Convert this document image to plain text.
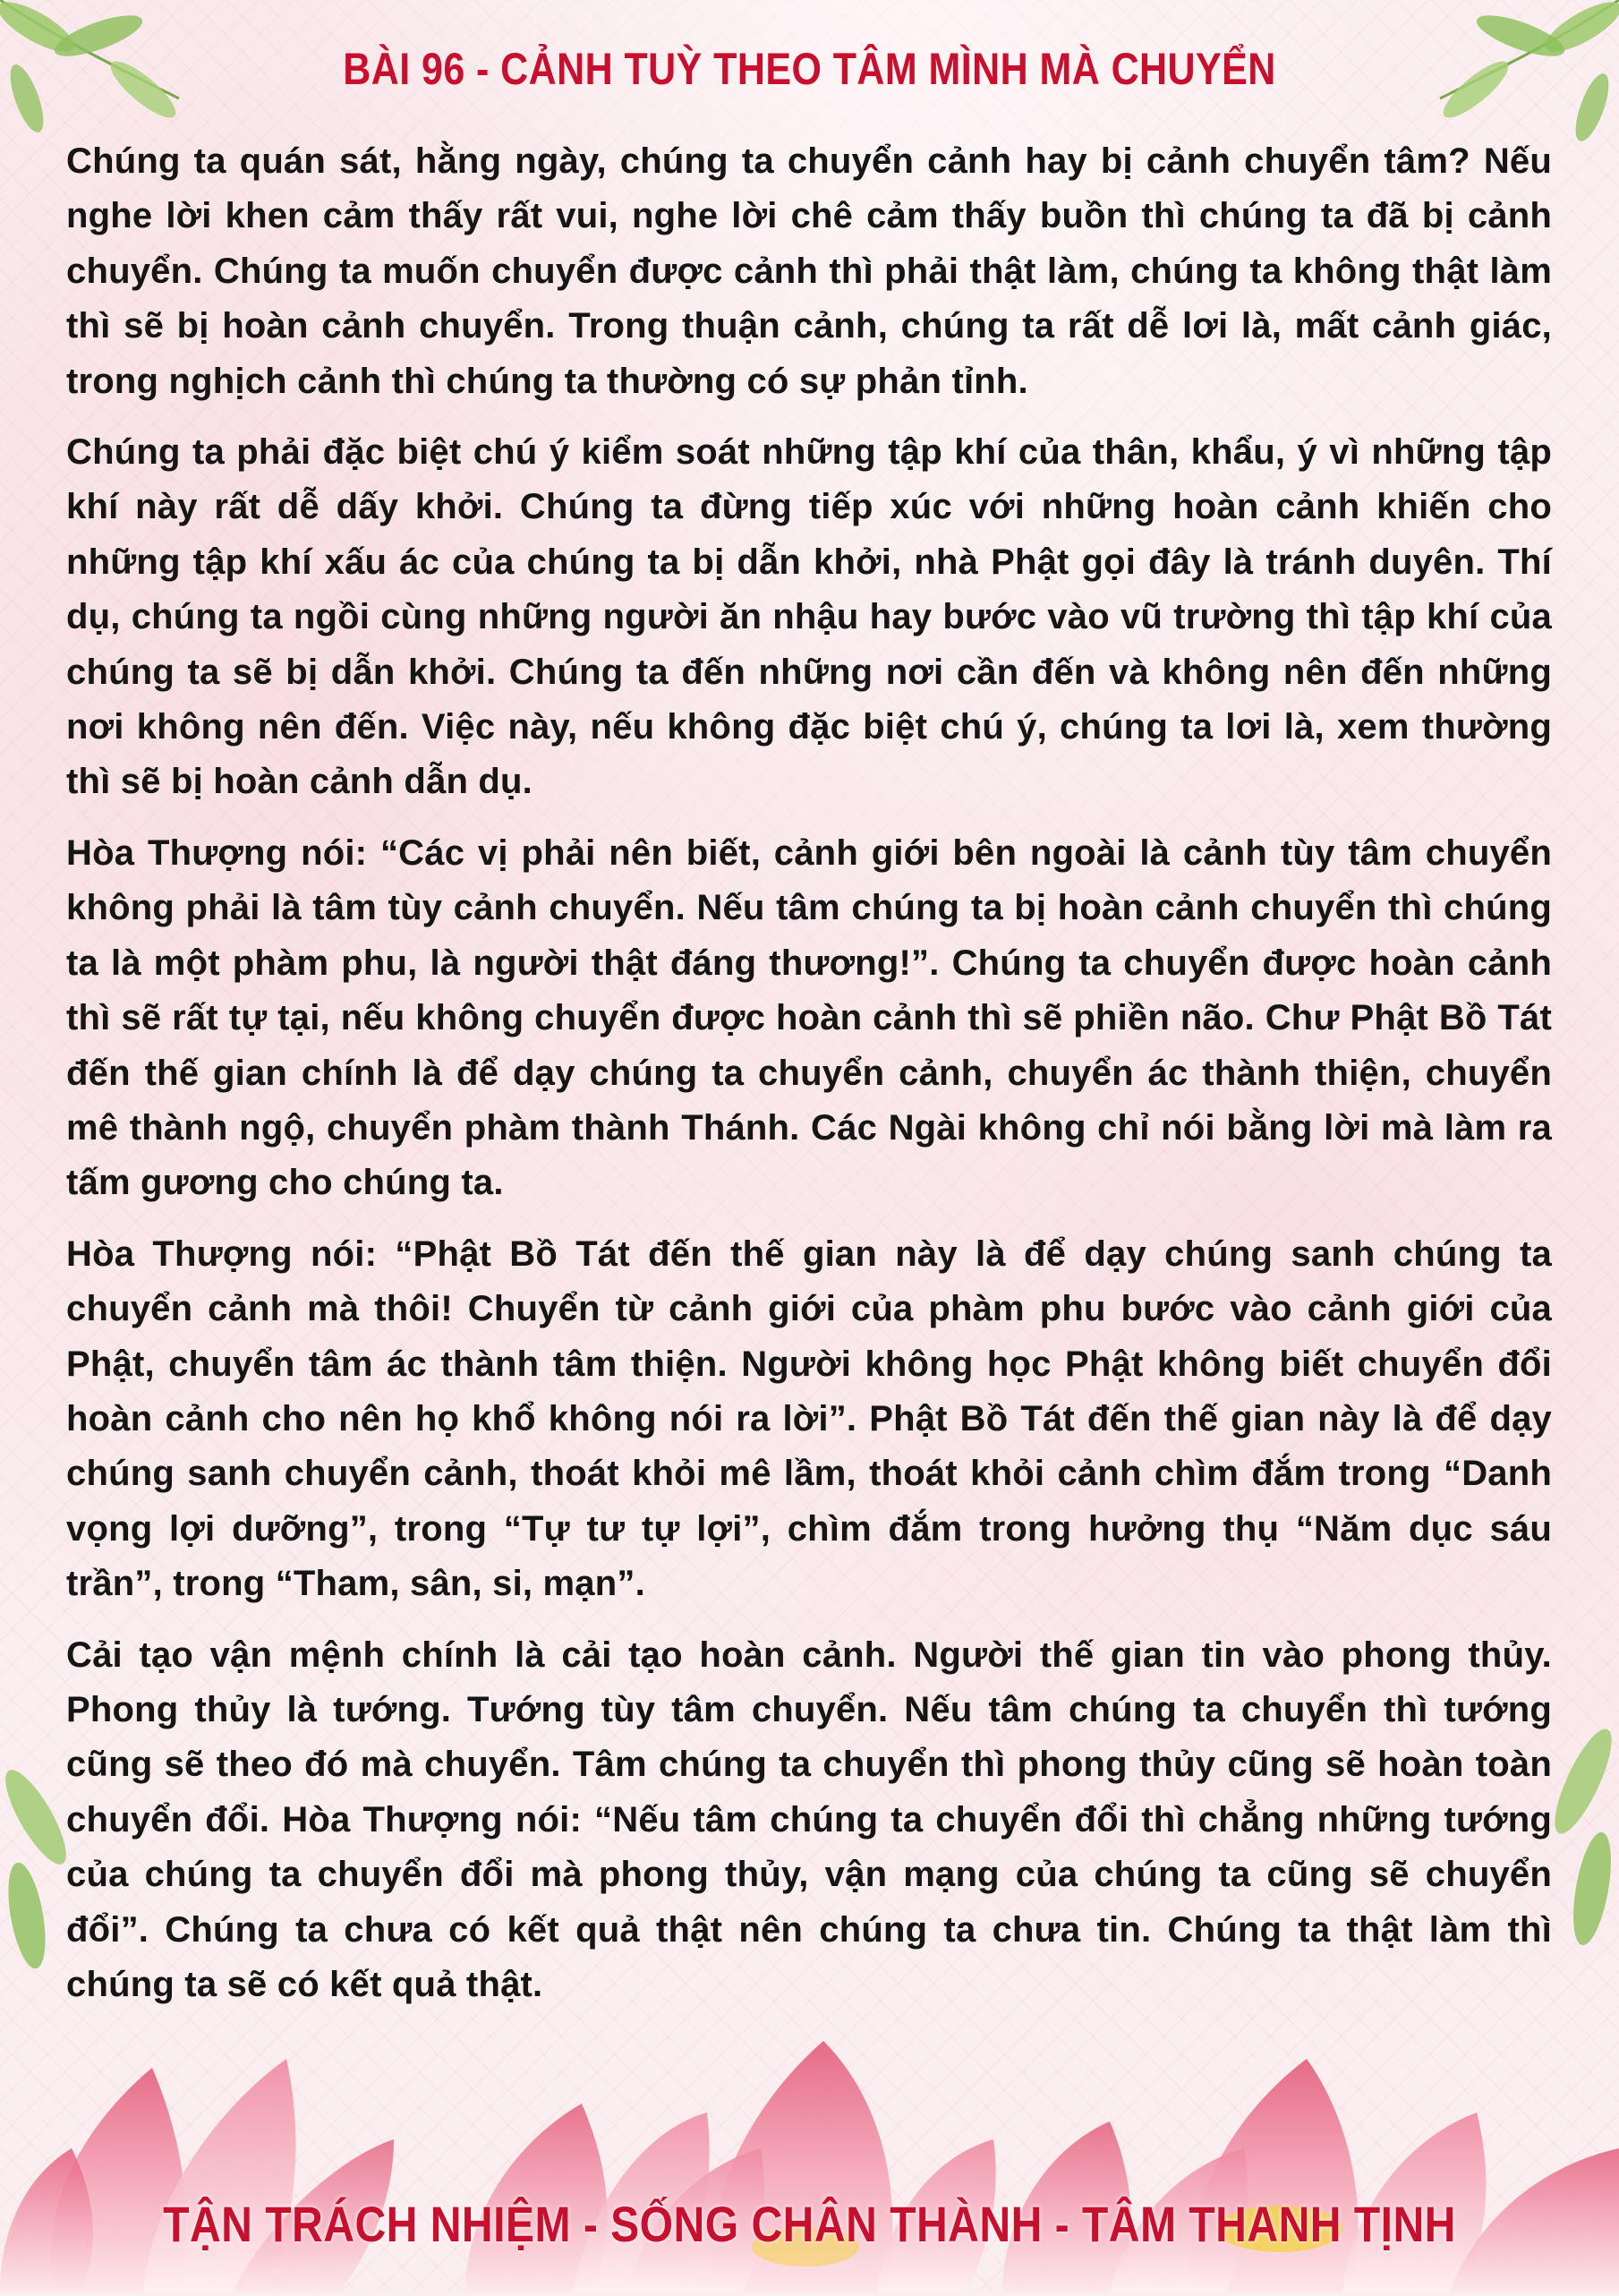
BÀI 96 - CẢNH TUỲ THEO TÂM MÌNH MÀ CHUYỂN

Chúng ta quán sát, hằng ngày, chúng ta chuyển cảnh hay bị cảnh chuyển tâm? Nếu nghe lời khen cảm thấy rất vui, nghe lời chê cảm thấy buồn thì chúng ta đã bị cảnh chuyển. Chúng ta muốn chuyển được cảnh thì phải thật làm, chúng ta không thật làm thì sẽ bị hoàn cảnh chuyển. Trong thuận cảnh, chúng ta rất dễ lơi là, mất cảnh giác, trong nghịch cảnh thì chúng ta thường có sự phản tỉnh.

Chúng ta phải đặc biệt chú ý kiểm soát những tập khí của thân, khẩu, ý vì những tập khí này rất dễ dấy khởi. Chúng ta đừng tiếp xúc với những hoàn cảnh khiến cho những tập khí xấu ác của chúng ta bị dẫn khởi, nhà Phật gọi đây là tránh duyên. Thí dụ, chúng ta ngồi cùng những người ăn nhậu hay bước vào vũ trường thì tập khí của chúng ta sẽ bị dẫn khởi. Chúng ta đến những nơi cần đến và không nên đến những nơi không nên đến. Việc này, nếu không đặc biệt chú ý, chúng ta lơi là, xem thường thì sẽ bị hoàn cảnh dẫn dụ.

Hòa Thượng nói: “Các vị phải nên biết, cảnh giới bên ngoài là cảnh tùy tâm chuyển không phải là tâm tùy cảnh chuyển. Nếu tâm chúng ta bị hoàn cảnh chuyển thì chúng ta là một phàm phu, là người thật đáng thương!”. Chúng ta chuyển được hoàn cảnh thì sẽ rất tự tại, nếu không chuyển được hoàn cảnh thì sẽ phiền não. Chư Phật Bồ Tát đến thế gian chính là để dạy chúng ta chuyển cảnh, chuyển ác thành thiện, chuyển mê thành ngộ, chuyển phàm thành Thánh. Các Ngài không chỉ nói bằng lời mà làm ra tấm gương cho chúng ta.

Hòa Thượng nói: “Phật Bồ Tát đến thế gian này là để dạy chúng sanh chúng ta chuyển cảnh mà thôi! Chuyển từ cảnh giới của phàm phu bước vào cảnh giới của Phật, chuyển tâm ác thành tâm thiện. Người không học Phật không biết chuyển đổi hoàn cảnh cho nên họ khổ không nói ra lời”. Phật Bồ Tát đến thế gian này là để dạy chúng sanh chuyển cảnh, thoát khỏi mê lầm, thoát khỏi cảnh chìm đắm trong “Danh vọng lợi dưỡng”, trong “Tự tư tự lợi”, chìm đắm trong hưởng thụ “Năm dục sáu trần”, trong “Tham, sân, si, mạn”.

Cải tạo vận mệnh chính là cải tạo hoàn cảnh. Người thế gian tin vào phong thủy. Phong thủy là tướng. Tướng tùy tâm chuyển. Nếu tâm chúng ta chuyển thì tướng cũng sẽ theo đó mà chuyển. Tâm chúng ta chuyển thì phong thủy cũng sẽ hoàn toàn chuyển đổi. Hòa Thượng nói: “Nếu tâm chúng ta chuyển đổi thì chẳng những tướng của chúng ta chuyển đổi mà phong thủy, vận mạng của chúng ta cũng sẽ chuyển đổi”. Chúng ta chưa có kết quả thật nên chúng ta chưa tin. Chúng ta thật làm thì chúng ta sẽ có kết quả thật.

TẬN TRÁCH NHIỆM - SỐNG CHÂN THÀNH - TÂM THANH TỊNH
